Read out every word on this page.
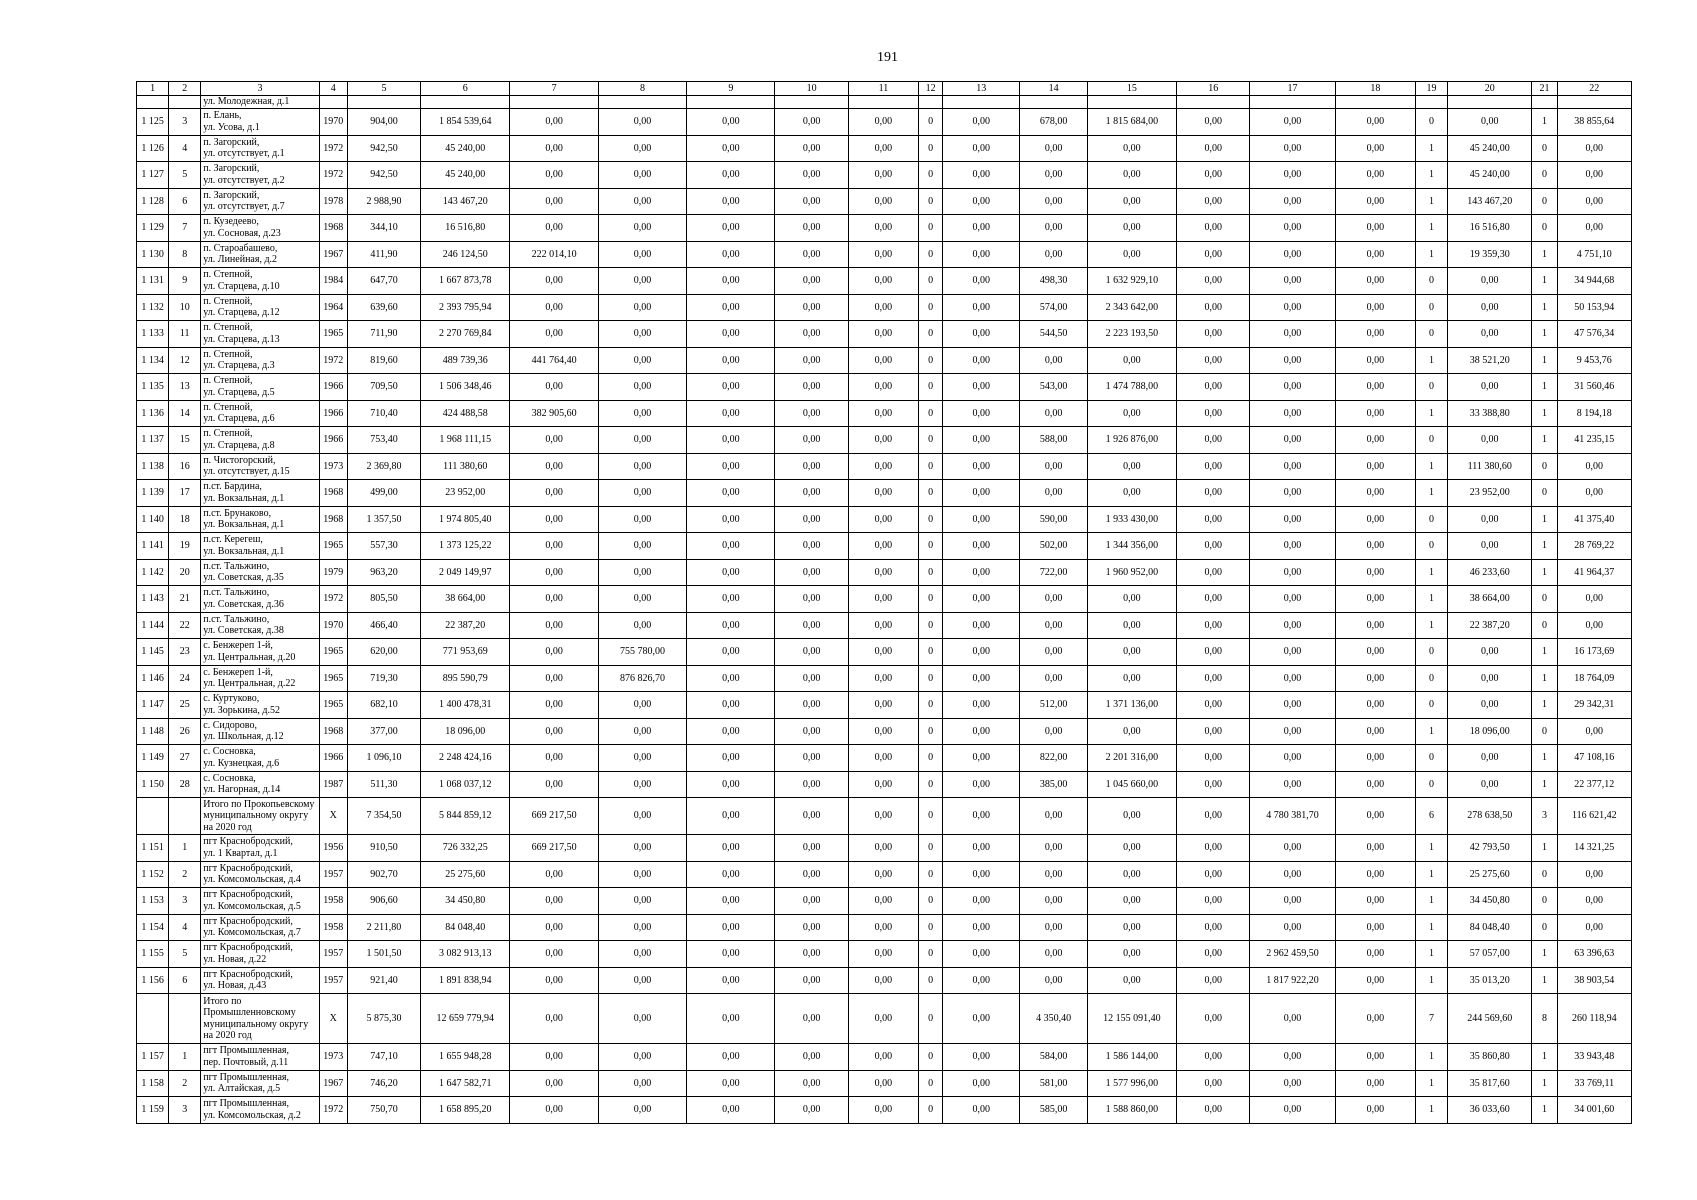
191
1	2	3	4	5	6	7	8	9	10	11	12	13	14	15	16	17	18	19	20	21	22
		ул. Молодежная, д.1																			
1 125	3	п. Елань,
ул. Усова, д.1	1970	904,00	1 854 539,64	0,00	0,00	0,00	0,00	0,00	0	0,00	678,00	1 815 684,00	0,00	0,00	0,00	0	0,00	1	38 855,64
1 126	4	п. Загорский,
ул. отсутствует, д.1	1972	942,50	45 240,00	0,00	0,00	0,00	0,00	0,00	0	0,00	0,00	0,00	0,00	0,00	0,00	1	45 240,00	0	0,00
1 127	5	п. Загорский,
ул. отсутствует, д.2	1972	942,50	45 240,00	0,00	0,00	0,00	0,00	0,00	0	0,00	0,00	0,00	0,00	0,00	0,00	1	45 240,00	0	0,00
1 128	6	п. Загорский,
ул. отсутствует, д.7	1978	2 988,90	143 467,20	0,00	0,00	0,00	0,00	0,00	0	0,00	0,00	0,00	0,00	0,00	0,00	1	143 467,20	0	0,00
1 129	7	п. Кузедеево,
ул. Сосновая, д.23	1968	344,10	16 516,80	0,00	0,00	0,00	0,00	0,00	0	0,00	0,00	0,00	0,00	0,00	0,00	1	16 516,80	0	0,00
1 130	8	п. Староабашево,
ул. Линейная, д.2	1967	411,90	246 124,50	222 014,10	0,00	0,00	0,00	0,00	0	0,00	0,00	0,00	0,00	0,00	0,00	1	19 359,30	1	4 751,10
1 131	9	п. Степной,
ул. Старцева, д.10	1984	647,70	1 667 873,78	0,00	0,00	0,00	0,00	0,00	0	0,00	498,30	1 632 929,10	0,00	0,00	0,00	0	0,00	1	34 944,68
1 132	10	п. Степной,
ул. Старцева, д.12	1964	639,60	2 393 795,94	0,00	0,00	0,00	0,00	0,00	0	0,00	574,00	2 343 642,00	0,00	0,00	0,00	0	0,00	1	50 153,94
1 133	11	п. Степной,
ул. Старцева, д.13	1965	711,90	2 270 769,84	0,00	0,00	0,00	0,00	0,00	0	0,00	544,50	2 223 193,50	0,00	0,00	0,00	0	0,00	1	47 576,34
1 134	12	п. Степной,
ул. Старцева, д.3	1972	819,60	489 739,36	441 764,40	0,00	0,00	0,00	0,00	0	0,00	0,00	0,00	0,00	0,00	0,00	1	38 521,20	1	9 453,76
1 135	13	п. Степной,
ул. Старцева, д.5	1966	709,50	1 506 348,46	0,00	0,00	0,00	0,00	0,00	0	0,00	543,00	1 474 788,00	0,00	0,00	0,00	0	0,00	1	31 560,46
1 136	14	п. Степной,
ул. Старцева, д.6	1966	710,40	424 488,58	382 905,60	0,00	0,00	0,00	0,00	0	0,00	0,00	0,00	0,00	0,00	0,00	1	33 388,80	1	8 194,18
1 137	15	п. Степной,
ул. Старцева, д.8	1966	753,40	1 968 111,15	0,00	0,00	0,00	0,00	0,00	0	0,00	588,00	1 926 876,00	0,00	0,00	0,00	0	0,00	1	41 235,15
1 138	16	п. Чистогорский,
ул. отсутствует, д.15	1973	2 369,80	111 380,60	0,00	0,00	0,00	0,00	0,00	0	0,00	0,00	0,00	0,00	0,00	0,00	1	111 380,60	0	0,00
1 139	17	п.ст. Бардина,
ул. Вокзальная, д.1	1968	499,00	23 952,00	0,00	0,00	0,00	0,00	0,00	0	0,00	0,00	0,00	0,00	0,00	0,00	1	23 952,00	0	0,00
1 140	18	п.ст. Брунаково,
ул. Вокзальная, д.1	1968	1 357,50	1 974 805,40	0,00	0,00	0,00	0,00	0,00	0	0,00	590,00	1 933 430,00	0,00	0,00	0,00	0	0,00	1	41 375,40
1 141	19	п.ст. Керегеш,
ул. Вокзальная, д.1	1965	557,30	1 373 125,22	0,00	0,00	0,00	0,00	0,00	0	0,00	502,00	1 344 356,00	0,00	0,00	0,00	0	0,00	1	28 769,22
1 142	20	п.ст. Тальжино,
ул. Советская, д.35	1979	963,20	2 049 149,97	0,00	0,00	0,00	0,00	0,00	0	0,00	722,00	1 960 952,00	0,00	0,00	0,00	1	46 233,60	1	41 964,37
1 143	21	п.ст. Тальжино,
ул. Советская, д.36	1972	805,50	38 664,00	0,00	0,00	0,00	0,00	0,00	0	0,00	0,00	0,00	0,00	0,00	0,00	1	38 664,00	0	0,00
1 144	22	п.ст. Тальжино,
ул. Советская, д.38	1970	466,40	22 387,20	0,00	0,00	0,00	0,00	0,00	0	0,00	0,00	0,00	0,00	0,00	0,00	1	22 387,20	0	0,00
1 145	23	с. Бенжереп 1-й,
ул. Центральная, д.20	1965	620,00	771 953,69	0,00	755 780,00	0,00	0,00	0,00	0	0,00	0,00	0,00	0,00	0,00	0,00	0	0,00	1	16 173,69
1 146	24	с. Бенжереп 1-й,
ул. Центральная, д.22	1965	719,30	895 590,79	0,00	876 826,70	0,00	0,00	0,00	0	0,00	0,00	0,00	0,00	0,00	0,00	0	0,00	1	18 764,09
1 147	25	с. Куртуково,
ул. Зорькина, д.52	1965	682,10	1 400 478,31	0,00	0,00	0,00	0,00	0,00	0	0,00	512,00	1 371 136,00	0,00	0,00	0,00	0	0,00	1	29 342,31
1 148	26	с. Сидорово,
ул. Школьная, д.12	1968	377,00	18 096,00	0,00	0,00	0,00	0,00	0,00	0	0,00	0,00	0,00	0,00	0,00	0,00	1	18 096,00	0	0,00
1 149	27	с. Сосновка,
ул. Кузнецкая, д.6	1966	1 096,10	2 248 424,16	0,00	0,00	0,00	0,00	0,00	0	0,00	822,00	2 201 316,00	0,00	0,00	0,00	0	0,00	1	47 108,16
1 150	28	с. Сосновка,
ул. Нагорная, д.14	1987	511,30	1 068 037,12	0,00	0,00	0,00	0,00	0,00	0	0,00	385,00	1 045 660,00	0,00	0,00	0,00	0	0,00	1	22 377,12
		Итого по Прокопьевскому муниципальному округу на 2020 год	X	7 354,50	5 844 859,12	669 217,50	0,00	0,00	0,00	0,00	0	0,00	0,00	0,00	0,00	4 780 381,70	0,00	6	278 638,50	3	116 621,42
1 151	1	пгт Краснобродский,
ул. 1 Квартал, д.1	1956	910,50	726 332,25	669 217,50	0,00	0,00	0,00	0,00	0	0,00	0,00	0,00	0,00	0,00	0,00	1	42 793,50	1	14 321,25
1 152	2	пгт Краснобродский,
ул. Комсомольская, д.4	1957	902,70	25 275,60	0,00	0,00	0,00	0,00	0,00	0	0,00	0,00	0,00	0,00	0,00	0,00	1	25 275,60	0	0,00
1 153	3	пгт Краснобродский,
ул. Комсомольская, д.5	1958	906,60	34 450,80	0,00	0,00	0,00	0,00	0,00	0	0,00	0,00	0,00	0,00	0,00	0,00	1	34 450,80	0	0,00
1 154	4	пгт Краснобродский,
ул. Комсомольская, д.7	1958	2 211,80	84 048,40	0,00	0,00	0,00	0,00	0,00	0	0,00	0,00	0,00	0,00	0,00	0,00	1	84 048,40	0	0,00
1 155	5	пгт Краснобродский,
ул. Новая, д.22	1957	1 501,50	3 082 913,13	0,00	0,00	0,00	0,00	0,00	0	0,00	0,00	0,00	0,00	2 962 459,50	0,00	1	57 057,00	1	63 396,63
1 156	6	пгт Краснобродский,
ул. Новая, д.43	1957	921,40	1 891 838,94	0,00	0,00	0,00	0,00	0,00	0	0,00	0,00	0,00	0,00	1 817 922,20	0,00	1	35 013,20	1	38 903,54
		Итого по Промышленновскому муниципальному округу на 2020 год	X	5 875,30	12 659 779,94	0,00	0,00	0,00	0,00	0,00	0	0,00	4 350,40	12 155 091,40	0,00	0,00	0,00	7	244 569,60	8	260 118,94
1 157	1	пгт Промышленная,
пер. Почтовый, д.11	1973	747,10	1 655 948,28	0,00	0,00	0,00	0,00	0,00	0	0,00	584,00	1 586 144,00	0,00	0,00	0,00	1	35 860,80	1	33 943,48
1 158	2	пгт Промышленная,
ул. Алтайская, д.5	1967	746,20	1 647 582,71	0,00	0,00	0,00	0,00	0,00	0	0,00	581,00	1 577 996,00	0,00	0,00	0,00	1	35 817,60	1	33 769,11
1 159	3	пгт Промышленная,
ул. Комсомольская, д.2	1972	750,70	1 658 895,20	0,00	0,00	0,00	0,00	0,00	0	0,00	585,00	1 588 860,00	0,00	0,00	0,00	1	36 033,60	1	34 001,60
